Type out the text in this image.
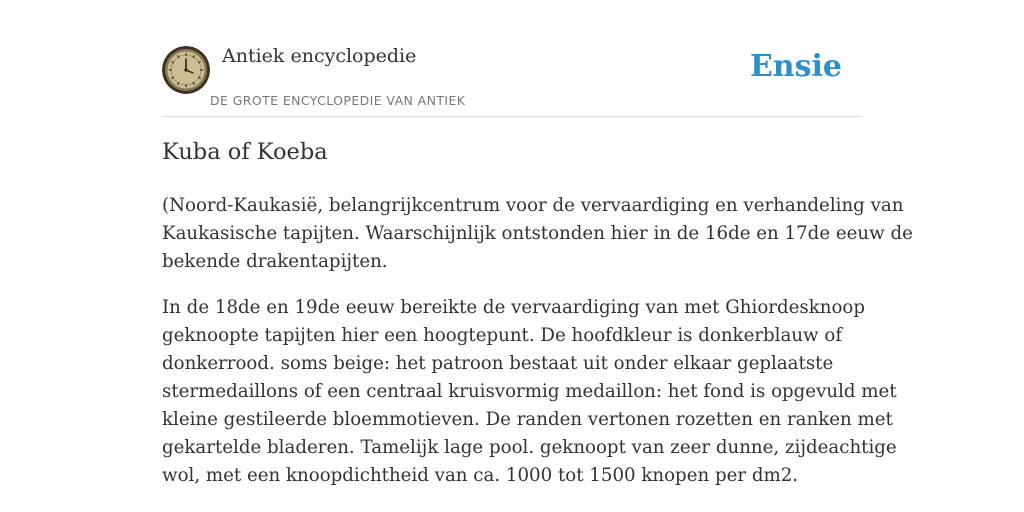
Antiek encyclopedie
DE GROTE ENCYCLOPEDIE VAN ANTIEK
Ensie
Kuba of Koeba

(Noord-Kaukasië, belangrijkcentrum voor de vervaardiging en verhandeling van
Kaukasische tapijten. Waarschijnlijk ontstonden hier in de 16de en 17de eeuw de
bekende drakentapijten.

In de 18de en 19de eeuw bereikte de vervaardiging van met Ghiordesknoop
geknoopte tapijten hier een hoogtepunt. De hoofdkleur is donkerblauw of
donkerrood. soms beige: het patroon bestaat uit onder elkaar geplaatste
stermedaillons of een centraal kruisvormig medaillon: het fond is opgevuld met
kleine gestileerde bloemmotieven. De randen vertonen rozetten en ranken met
gekartelde bladeren. Tamelijk lage pool. geknoopt van zeer dunne, zijdeachtige
wol, met een knoopdichtheid van ca. 1000 tot 1500 knopen per dm2.
